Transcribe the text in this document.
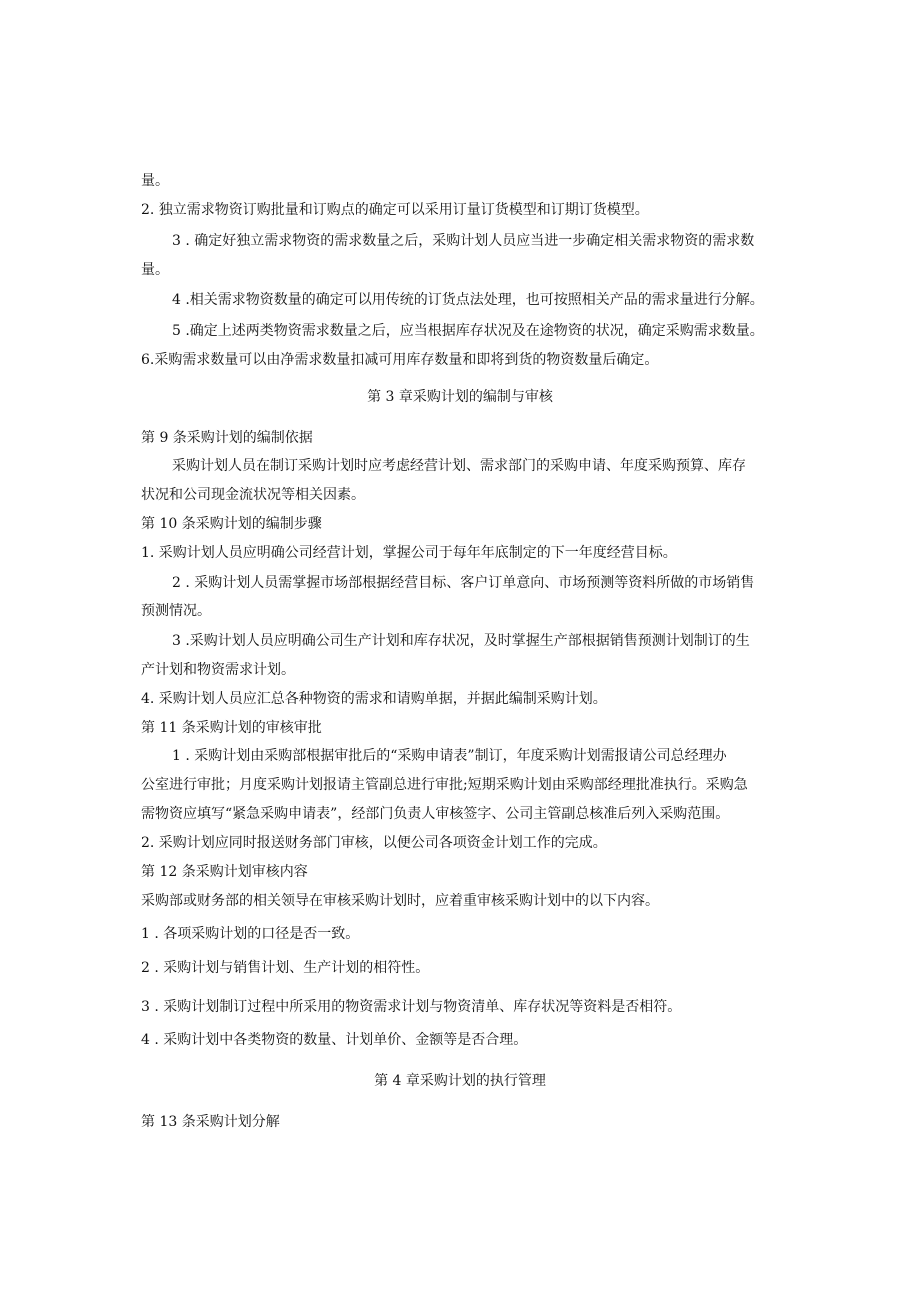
量。
2. 独立需求物资订购批量和订购点的确定可以采用订量订货模型和订期订货模型。
3 . 确定好独立需求物资的需求数量之后，采购计划人员应当进一步确定相关需求物资的需求数
量。
4 .相关需求物资数量的确定可以用传统的订货点法处理，也可按照相关产品的需求量进行分解。
5 .确定上述两类物资需求数量之后，应当根据库存状况及在途物资的状况，确定采购需求数量。
6.采购需求数量可以由净需求数量扣减可用库存数量和即将到货的物资数量后确定。
第 3 章采购计划的编制与审核
第 9 条采购计划的编制依据
采购计划人员在制订采购计划时应考虑经营计划、需求部门的采购申请、年度采购预算、库存
状况和公司现金流状况等相关因素。
第 10 条采购计划的编制步骤
1. 采购计划人员应明确公司经营计划，掌握公司于每年年底制定的下一年度经营目标。
2 . 采购计划人员需掌握市场部根据经营目标、客户订单意向、市场预测等资料所做的市场销售
预测情况。
3 .采购计划人员应明确公司生产计划和库存状况，及时掌握生产部根据销售预测计划制订的生
产计划和物资需求计划。
4. 采购计划人员应汇总各种物资的需求和请购单据，并据此编制采购计划。
第 11 条采购计划的审核审批
1 . 采购计划由采购部根据审批后的“采购申请表”制订，年度采购计划需报请公司总经理办
公室进行审批；月度采购计划报请主管副总进行审批;短期采购计划由采购部经理批准执行。采购急
需物资应填写“紧急采购申请表”，经部门负责人审核签字、公司主管副总核准后列入采购范围。
2. 采购计划应同时报送财务部门审核，以便公司各项资金计划工作的完成。
第 12 条采购计划审核内容
采购部或财务部的相关领导在审核采购计划时，应着重审核采购计划中的以下内容。
1 . 各项采购计划的口径是否一致。
2 . 采购计划与销售计划、生产计划的相符性。
3 . 采购计划制订过程中所采用的物资需求计划与物资清单、库存状况等资料是否相符。
4 . 采购计划中各类物资的数量、计划单价、金额等是否合理。
第 4 章采购计划的执行管理
第 13 条采购计划分解
